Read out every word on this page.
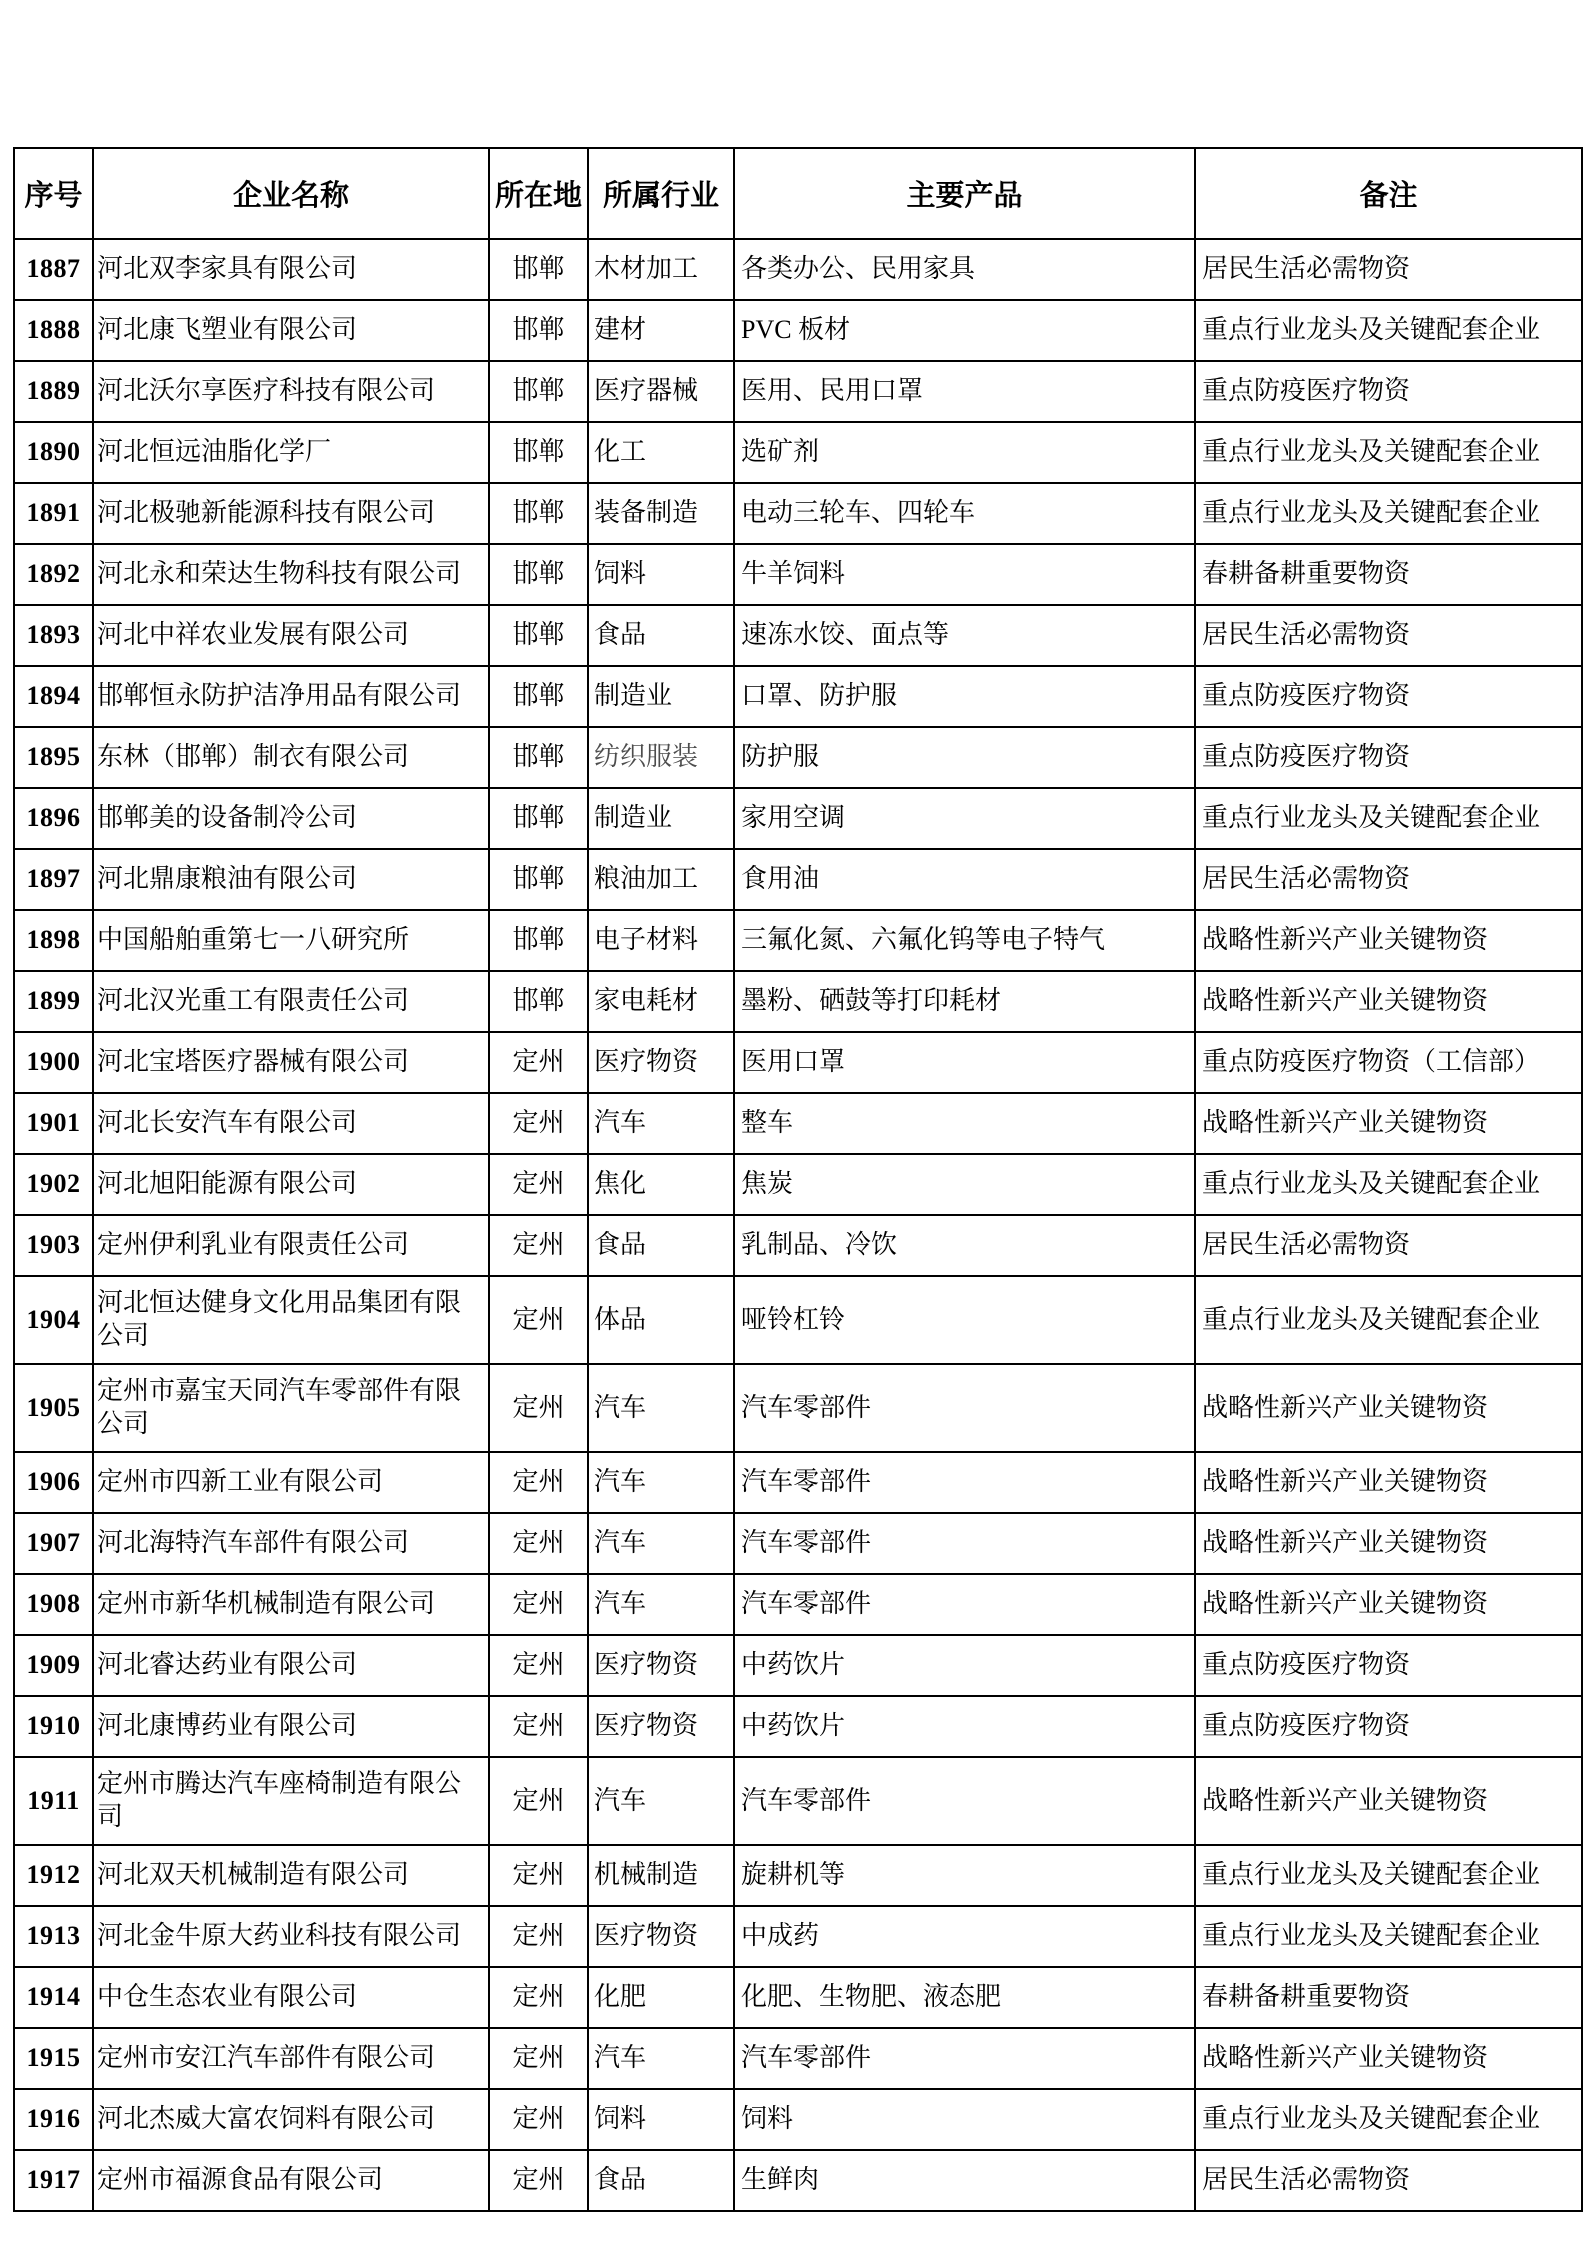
序号	企业名称	所在地	所属行业	主要产品	备注
1887	河北双李家具有限公司	邯郸	木材加工	各类办公、民用家具	居民生活必需物资
1888	河北康飞塑业有限公司	邯郸	建材	PVC 板材	重点行业龙头及关键配套企业
1889	河北沃尔享医疗科技有限公司	邯郸	医疗器械	医用、民用口罩	重点防疫医疗物资
1890	河北恒远油脂化学厂	邯郸	化工	选矿剂	重点行业龙头及关键配套企业
1891	河北极驰新能源科技有限公司	邯郸	装备制造	电动三轮车、四轮车	重点行业龙头及关键配套企业
1892	河北永和荣达生物科技有限公司	邯郸	饲料	牛羊饲料	春耕备耕重要物资
1893	河北中祥农业发展有限公司	邯郸	食品	速冻水饺、面点等	居民生活必需物资
1894	邯郸恒永防护洁净用品有限公司	邯郸	制造业	口罩、防护服	重点防疫医疗物资
1895	东林（邯郸）制衣有限公司	邯郸	纺织服装	防护服	重点防疫医疗物资
1896	邯郸美的设备制冷公司	邯郸	制造业	家用空调	重点行业龙头及关键配套企业
1897	河北鼎康粮油有限公司	邯郸	粮油加工	食用油	居民生活必需物资
1898	中国船舶重第七一八研究所	邯郸	电子材料	三氟化氮、六氟化钨等电子特气	战略性新兴产业关键物资
1899	河北汉光重工有限责任公司	邯郸	家电耗材	墨粉、硒鼓等打印耗材	战略性新兴产业关键物资
1900	河北宝塔医疗器械有限公司	定州	医疗物资	医用口罩	重点防疫医疗物资（工信部）
1901	河北长安汽车有限公司	定州	汽车	整车	战略性新兴产业关键物资
1902	河北旭阳能源有限公司	定州	焦化	焦炭	重点行业龙头及关键配套企业
1903	定州伊利乳业有限责任公司	定州	食品	乳制品、冷饮	居民生活必需物资
1904	河北恒达健身文化用品集团有限公司	定州	体品	哑铃杠铃	重点行业龙头及关键配套企业
1905	定州市嘉宝天同汽车零部件有限公司	定州	汽车	汽车零部件	战略性新兴产业关键物资
1906	定州市四新工业有限公司	定州	汽车	汽车零部件	战略性新兴产业关键物资
1907	河北海特汽车部件有限公司	定州	汽车	汽车零部件	战略性新兴产业关键物资
1908	定州市新华机械制造有限公司	定州	汽车	汽车零部件	战略性新兴产业关键物资
1909	河北睿达药业有限公司	定州	医疗物资	中药饮片	重点防疫医疗物资
1910	河北康博药业有限公司	定州	医疗物资	中药饮片	重点防疫医疗物资
1911	定州市腾达汽车座椅制造有限公司	定州	汽车	汽车零部件	战略性新兴产业关键物资
1912	河北双天机械制造有限公司	定州	机械制造	旋耕机等	重点行业龙头及关键配套企业
1913	河北金牛原大药业科技有限公司	定州	医疗物资	中成药	重点行业龙头及关键配套企业
1914	中仓生态农业有限公司	定州	化肥	化肥、生物肥、液态肥	春耕备耕重要物资
1915	定州市安江汽车部件有限公司	定州	汽车	汽车零部件	战略性新兴产业关键物资
1916	河北杰威大富农饲料有限公司	定州	饲料	饲料	重点行业龙头及关键配套企业
1917	定州市福源食品有限公司	定州	食品	生鲜肉	居民生活必需物资
